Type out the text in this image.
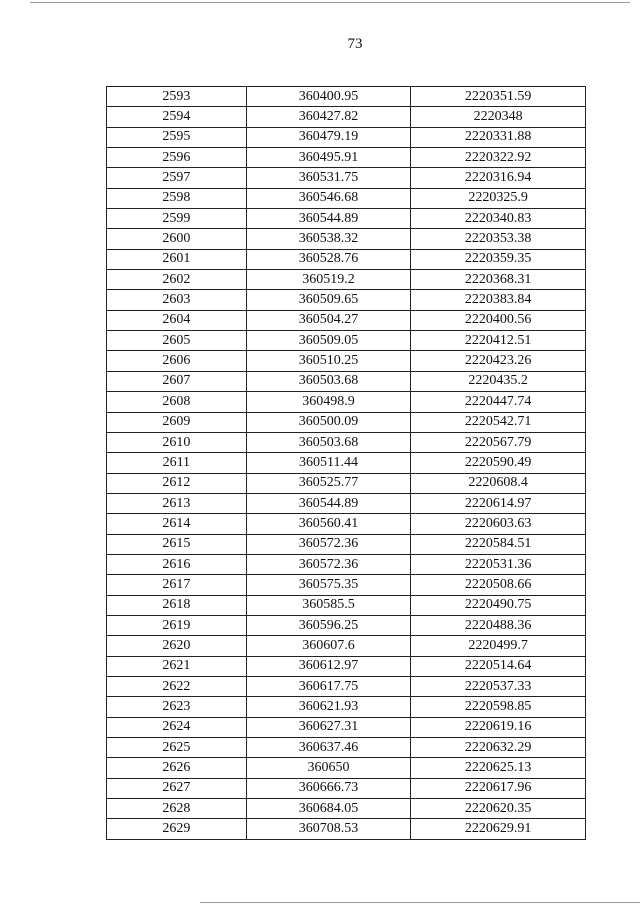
73
2593	360400.95	2220351.59
2594	360427.82	2220348
2595	360479.19	2220331.88
2596	360495.91	2220322.92
2597	360531.75	2220316.94
2598	360546.68	2220325.9
2599	360544.89	2220340.83
2600	360538.32	2220353.38
2601	360528.76	2220359.35
2602	360519.2	2220368.31
2603	360509.65	2220383.84
2604	360504.27	2220400.56
2605	360509.05	2220412.51
2606	360510.25	2220423.26
2607	360503.68	2220435.2
2608	360498.9	2220447.74
2609	360500.09	2220542.71
2610	360503.68	2220567.79
2611	360511.44	2220590.49
2612	360525.77	2220608.4
2613	360544.89	2220614.97
2614	360560.41	2220603.63
2615	360572.36	2220584.51
2616	360572.36	2220531.36
2617	360575.35	2220508.66
2618	360585.5	2220490.75
2619	360596.25	2220488.36
2620	360607.6	2220499.7
2621	360612.97	2220514.64
2622	360617.75	2220537.33
2623	360621.93	2220598.85
2624	360627.31	2220619.16
2625	360637.46	2220632.29
2626	360650	2220625.13
2627	360666.73	2220617.96
2628	360684.05	2220620.35
2629	360708.53	2220629.91
